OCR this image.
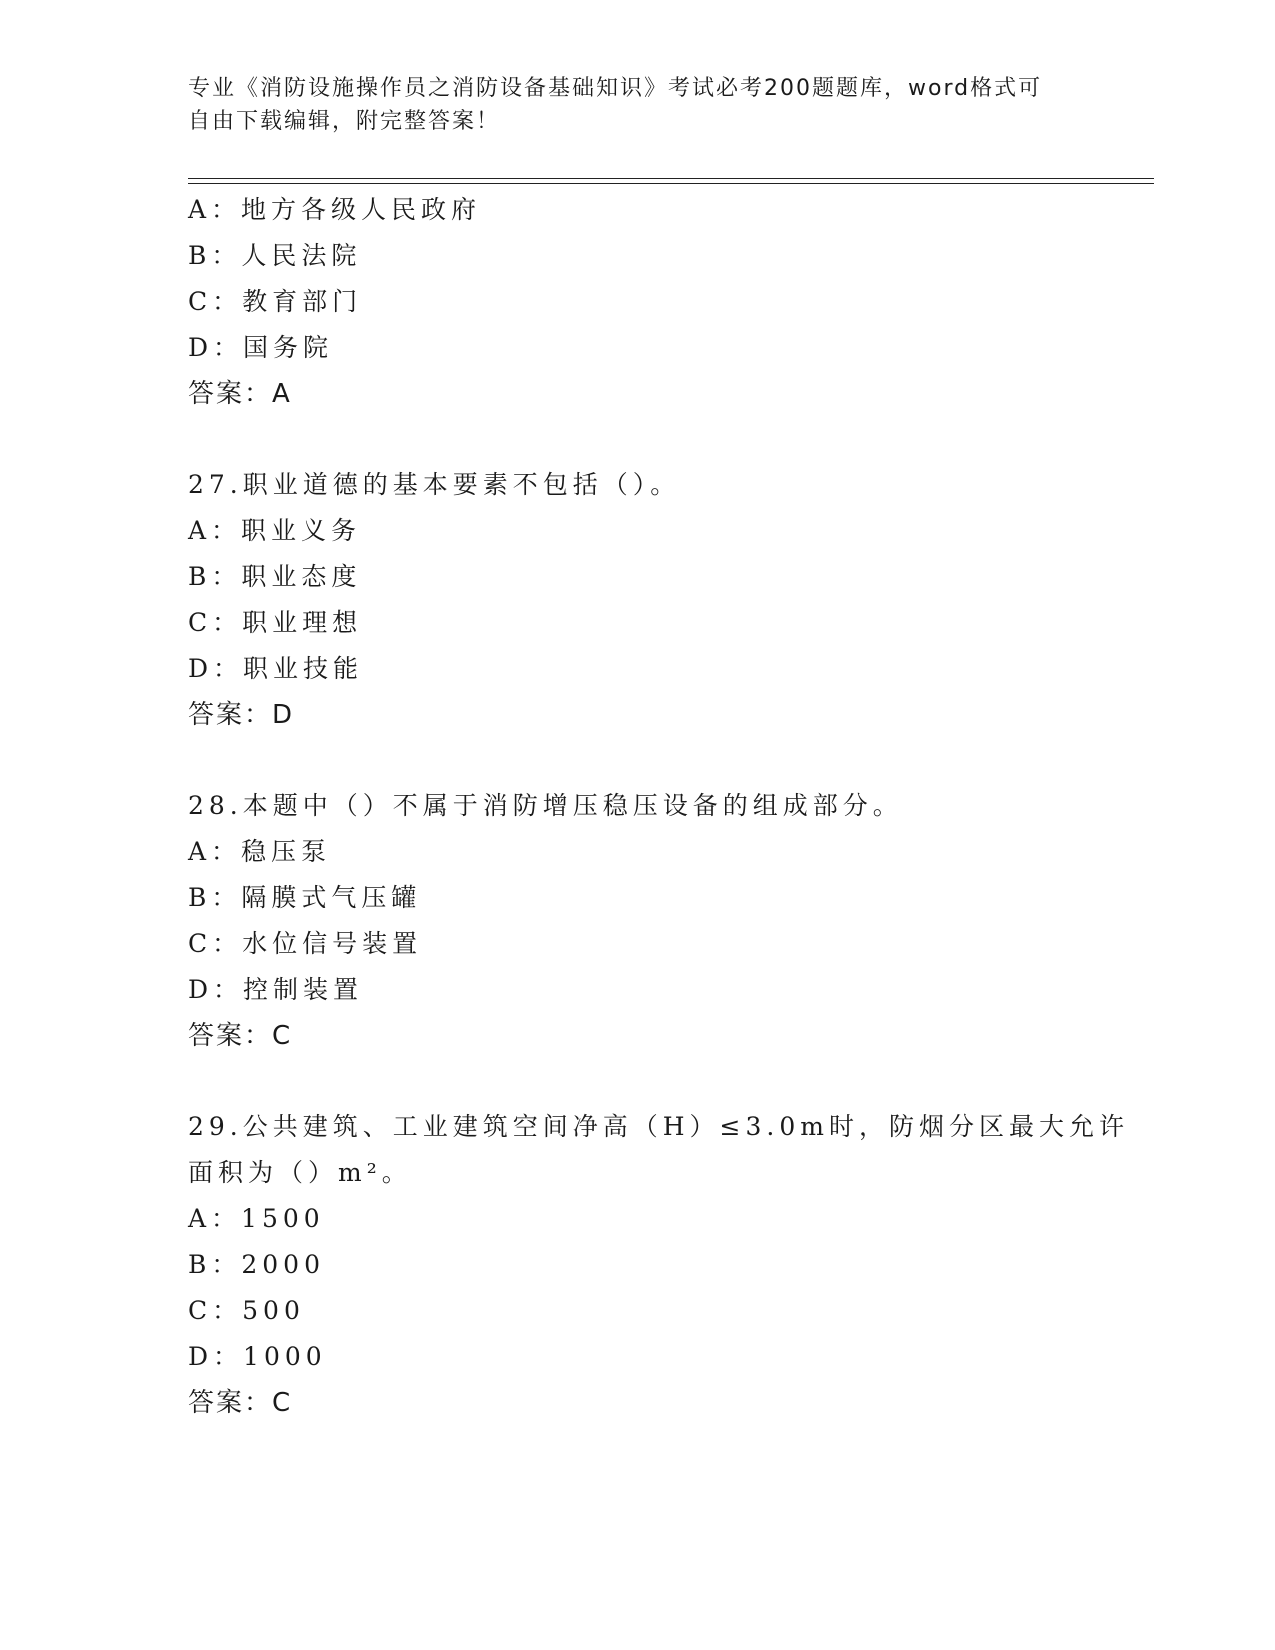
专业《消防设施操作员之消防设备基础知识》考试必考200题题库，word格式可
自由下载编辑，附完整答案！
A：地方各级人民政府
B：人民法院
C：教育部门
D：国务院
答案：A
27.职业道德的基本要素不包括（）。
A：职业义务
B：职业态度
C：职业理想
D：职业技能
答案：D
28.本题中（）不属于消防增压稳压设备的组成部分。
A：稳压泵
B：隔膜式气压罐
C：水位信号装置
D：控制装置
答案：C
29.公共建筑、工业建筑空间净高（H）≤3.0m时，防烟分区最大允许
面积为（）m²。
A：1500
B：2000
C：500
D：1000
答案：C
